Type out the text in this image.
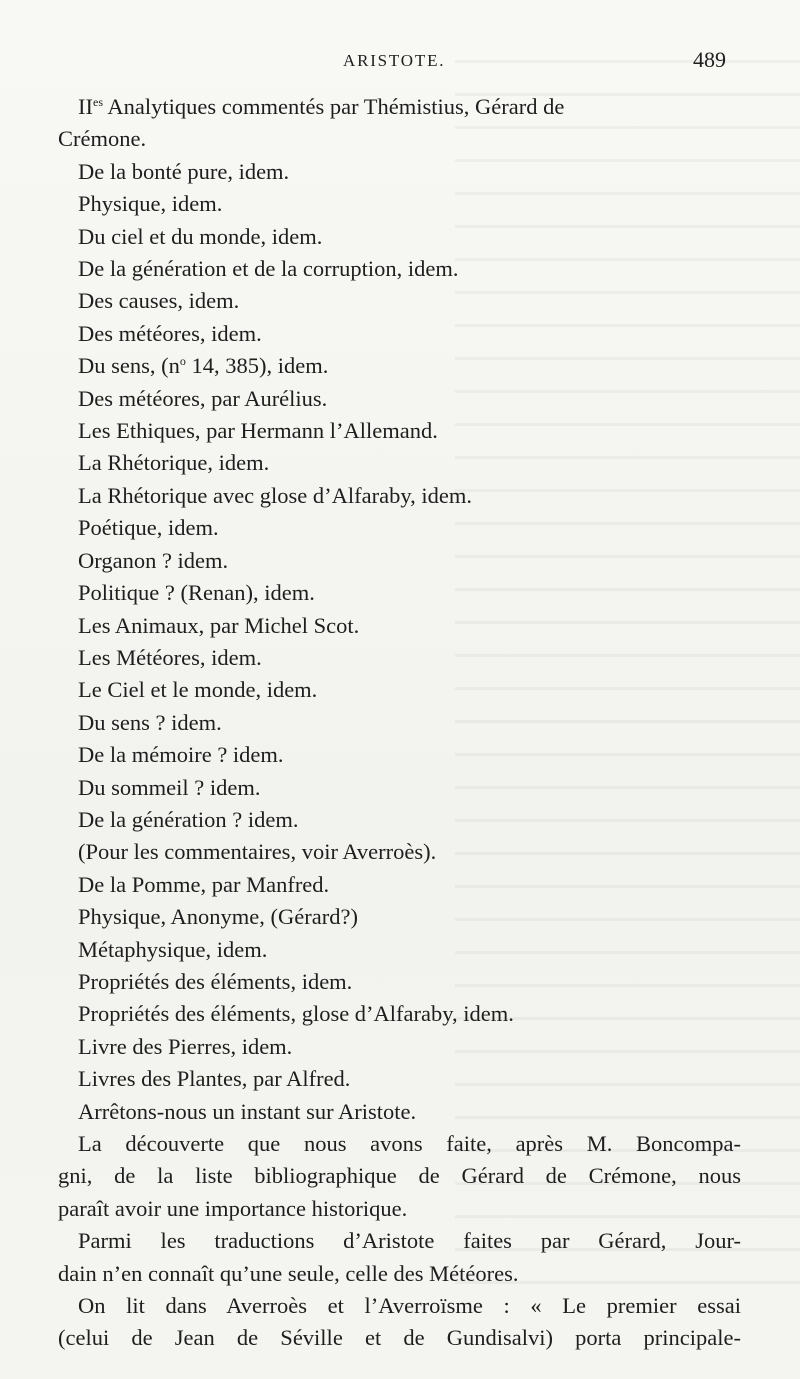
ARISTOTE.	489

$II^{es}$ Analytiques commentés par Thémistius, Gérard de

Crémone.

De la bonté pure, idem.

Physique, idem.

Du ciel et du monde, idem.

De la génération et de la corruption, idem.

Des causes, idem.

Des météores, idem.

Du sens, ($n^o$ 14, 385), idem.

Des météores, par Aurélius.

Les Ethiques, par Hermann l’Allemand.

La Rhétorique, idem.

La Rhétorique avec glose d’Alfaraby, idem.

Poétique, idem.

Organon ? idem.

Politique ? (Renan), idem.

Les Animaux, par Michel Scot.

Les Météores, idem.

Le Ciel et le monde, idem.

Du sens ? idem.

De la mémoire ? idem.

Du sommeil ? idem.

De la génération ? idem.

(Pour les commentaires, voir Averroès).

De la Pomme, par Manfred.

Physique, Anonyme, (Gérard?)

Métaphysique, idem.

Propriétés des éléments, idem.

Propriétés des éléments, glose d’Alfaraby, idem.

Livre des Pierres, idem.

Livres des Plantes, par Alfred.

Arrêtons-nous un instant sur Aristote.

La découverte que nous avons faite, après M. Boncompa-

gni, de la liste bibliographique de Gérard de Crémone, nous

paraît avoir une importance historique.

Parmi les traductions d’Aristote faites par Gérard, Jour-

dain n’en connaît qu’une seule, celle des Météores.

On lit dans Averroès et l’Averroïsme : « Le premier essai

(celui de Jean de Séville et de Gundisalvi) porta principale-
